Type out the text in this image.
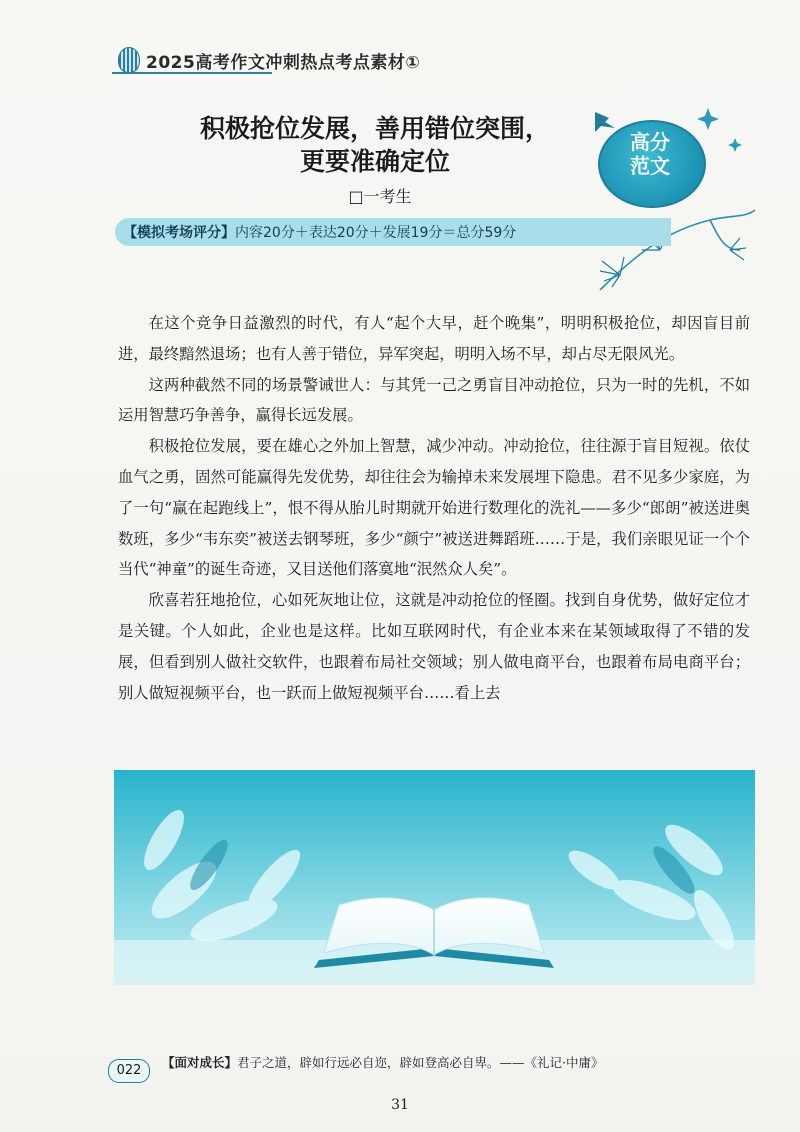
2025高考作文冲刺热点考点素材①
高分
范文
积极抢位发展，善用错位突围，
更要准确定位
□一考生
【模拟考场评分】 内容20分＋表达20分＋发展19分＝总分59分

在这个竞争日益激烈的时代，有人“起个大早，赶个晚集”，明明积极抢位，却因盲目前进，最终黯然退场；也有人善于错位，异军突起，明明入场不早，却占尽无限风光。

这两种截然不同的场景警诫世人：与其凭一己之勇盲目冲动抢位，只为一时的先机，不如运用智慧巧争善争，赢得长远发展。

积极抢位发展，要在雄心之外加上智慧，减少冲动。冲动抢位，往往源于盲目短视。依仗血气之勇，固然可能赢得先发优势，却往往会为输掉未来发展埋下隐患。君不见多少家庭，为了一句“赢在起跑线上”，恨不得从胎儿时期就开始进行数理化的洗礼——多少“郎朗”被送进奥数班，多少“韦东奕”被送去钢琴班，多少“颜宁”被送进舞蹈班……于是，我们亲眼见证一个个当代“神童”的诞生奇迹，又目送他们落寞地“泯然众人矣”。

欣喜若狂地抢位，心如死灰地让位，这就是冲动抢位的怪圈。找到自身优势，做好定位才是关键。个人如此，企业也是这样。比如互联网时代，有企业本来在某领域取得了不错的发展，但看到别人做社交软件，也跟着布局社交领域；别人做电商平台，也跟着布局电商平台；别人做短视频平台，也一跃而上做短视频平台……看上去

022
【面对成长】君子之道，辟如行远必自迩，辟如登高必自卑。——《礼记·中庸》
31
